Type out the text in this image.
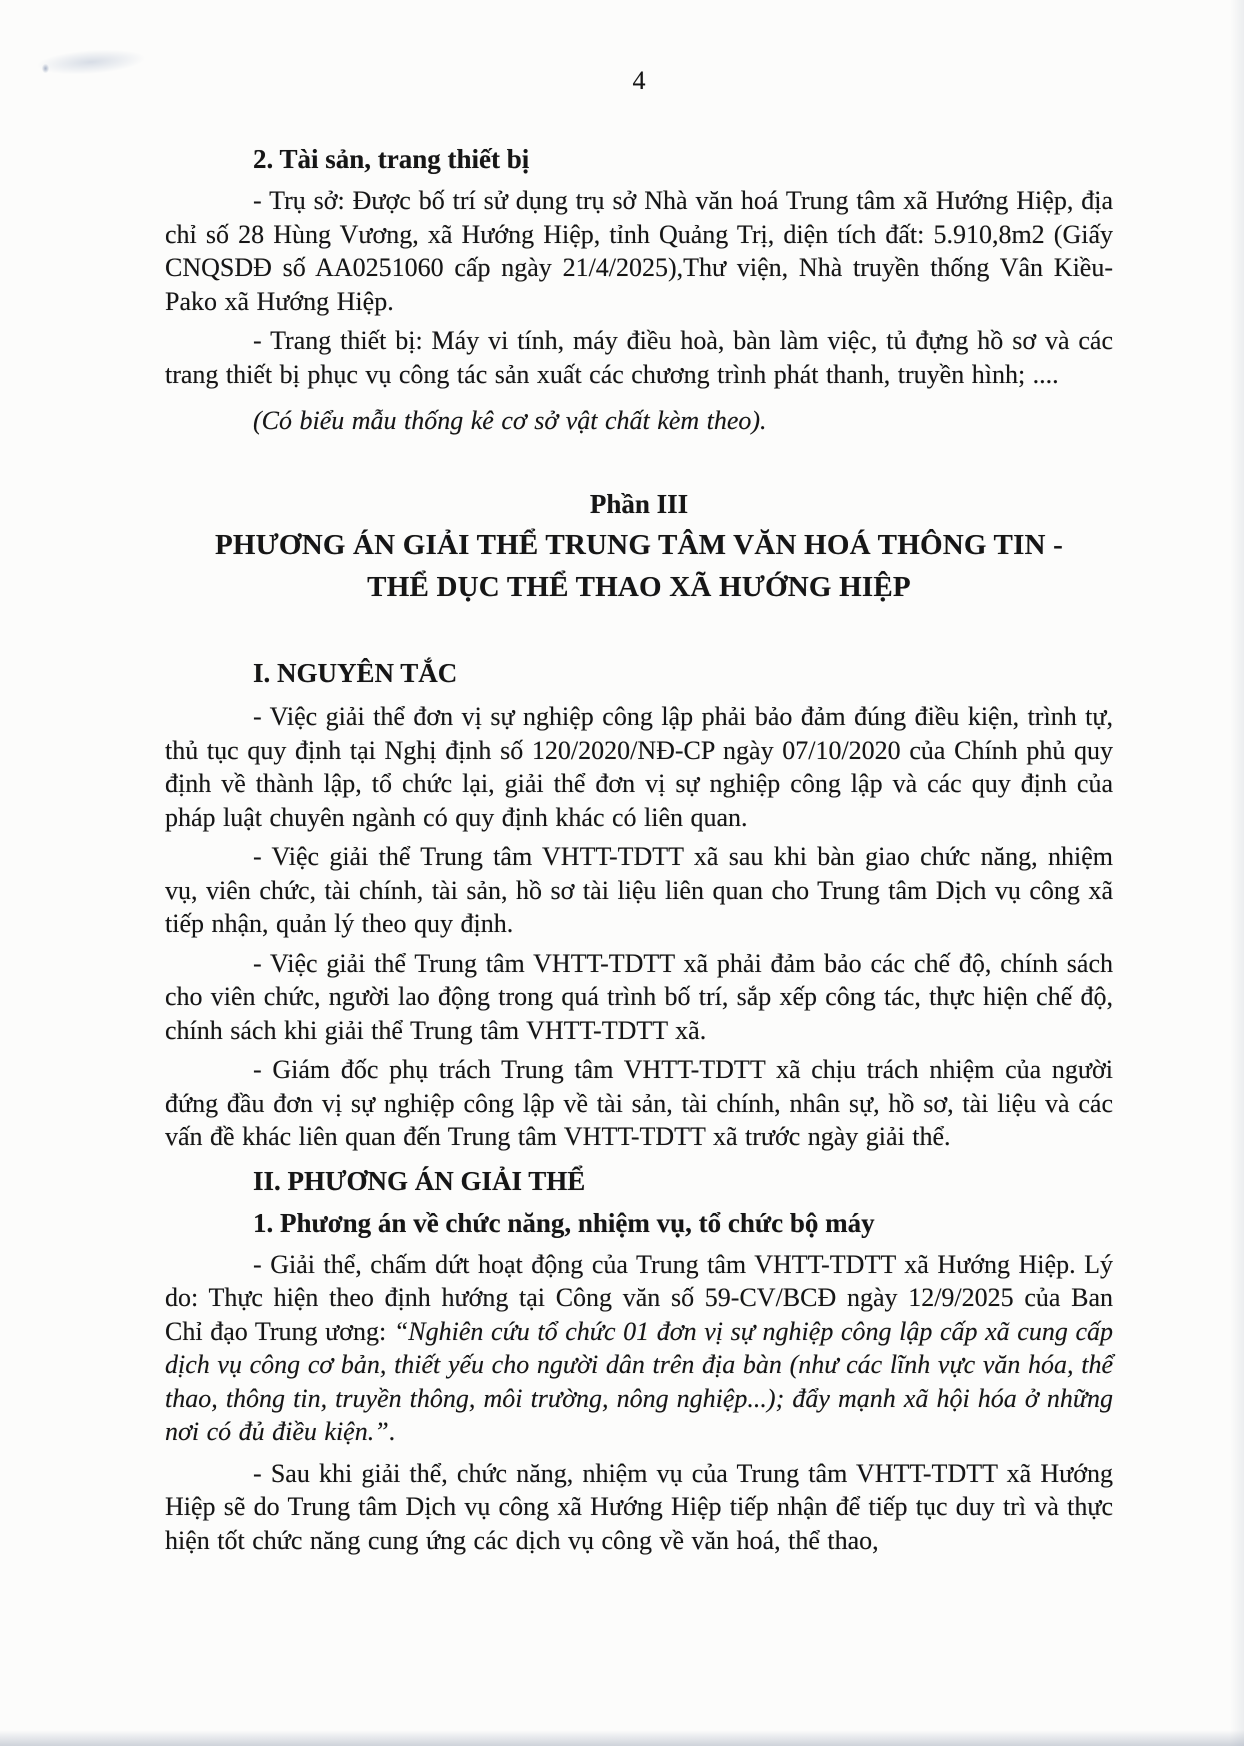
4
2. Tài sản, trang thiết bị

- Trụ sở: Được bố trí sử dụng trụ sở Nhà văn hoá Trung tâm xã Hướng Hiệp, địa chỉ số 28 Hùng Vương, xã Hướng Hiệp, tỉnh Quảng Trị, diện tích đất: 5.910,8m2 (Giấy CNQSDĐ số AA0251060 cấp ngày 21/4/2025),Thư viện, Nhà truyền thống Vân Kiều-Pako xã Hướng Hiệp.

- Trang thiết bị: Máy vi tính, máy điều hoà, bàn làm việc, tủ đựng hồ sơ và các trang thiết bị phục vụ công tác sản xuất các chương trình phát thanh, truyền hình; ....

(Có biểu mẫu thống kê cơ sở vật chất kèm theo).

Phần III
PHƯƠNG ÁN GIẢI THỂ TRUNG TÂM VĂN HOÁ THÔNG TIN -
THỂ DỤC THỂ THAO XÃ HƯỚNG HIỆP
I. NGUYÊN TẮC

- Việc giải thể đơn vị sự nghiệp công lập phải bảo đảm đúng điều kiện, trình tự, thủ tục quy định tại Nghị định số 120/2020/NĐ-CP ngày 07/10/2020 của Chính phủ quy định về thành lập, tổ chức lại, giải thể đơn vị sự nghiệp công lập và các quy định của pháp luật chuyên ngành có quy định khác có liên quan.

- Việc giải thể Trung tâm VHTT-TDTT xã sau khi bàn giao chức năng, nhiệm vụ, viên chức, tài chính, tài sản, hồ sơ tài liệu liên quan cho Trung tâm Dịch vụ công xã tiếp nhận, quản lý theo quy định.

- Việc giải thể Trung tâm VHTT-TDTT xã phải đảm bảo các chế độ, chính sách cho viên chức, người lao động trong quá trình bố trí, sắp xếp công tác, thực hiện chế độ, chính sách khi giải thể Trung tâm VHTT-TDTT xã.

- Giám đốc phụ trách Trung tâm VHTT-TDTT xã chịu trách nhiệm của người đứng đầu đơn vị sự nghiệp công lập về tài sản, tài chính, nhân sự, hồ sơ, tài liệu và các vấn đề khác liên quan đến Trung tâm VHTT-TDTT xã trước ngày giải thể.

II. PHƯƠNG ÁN GIẢI THỂ
1. Phương án về chức năng, nhiệm vụ, tổ chức bộ máy

- Giải thể, chấm dứt hoạt động của Trung tâm VHTT-TDTT xã Hướng Hiệp. Lý do: Thực hiện theo định hướng tại Công văn số 59-CV/BCĐ ngày 12/9/2025 của Ban Chỉ đạo Trung ương: “Nghiên cứu tổ chức 01 đơn vị sự nghiệp công lập cấp xã cung cấp dịch vụ công cơ bản, thiết yếu cho người dân trên địa bàn (như các lĩnh vực văn hóa, thể thao, thông tin, truyền thông, môi trường, nông nghiệp...); đẩy mạnh xã hội hóa ở những nơi có đủ điều kiện.”.

- Sau khi giải thể, chức năng, nhiệm vụ của Trung tâm VHTT-TDTT xã Hướng Hiệp sẽ do Trung tâm Dịch vụ công xã Hướng Hiệp tiếp nhận để tiếp tục duy trì và thực hiện tốt chức năng cung ứng các dịch vụ công về văn hoá, thể thao,
